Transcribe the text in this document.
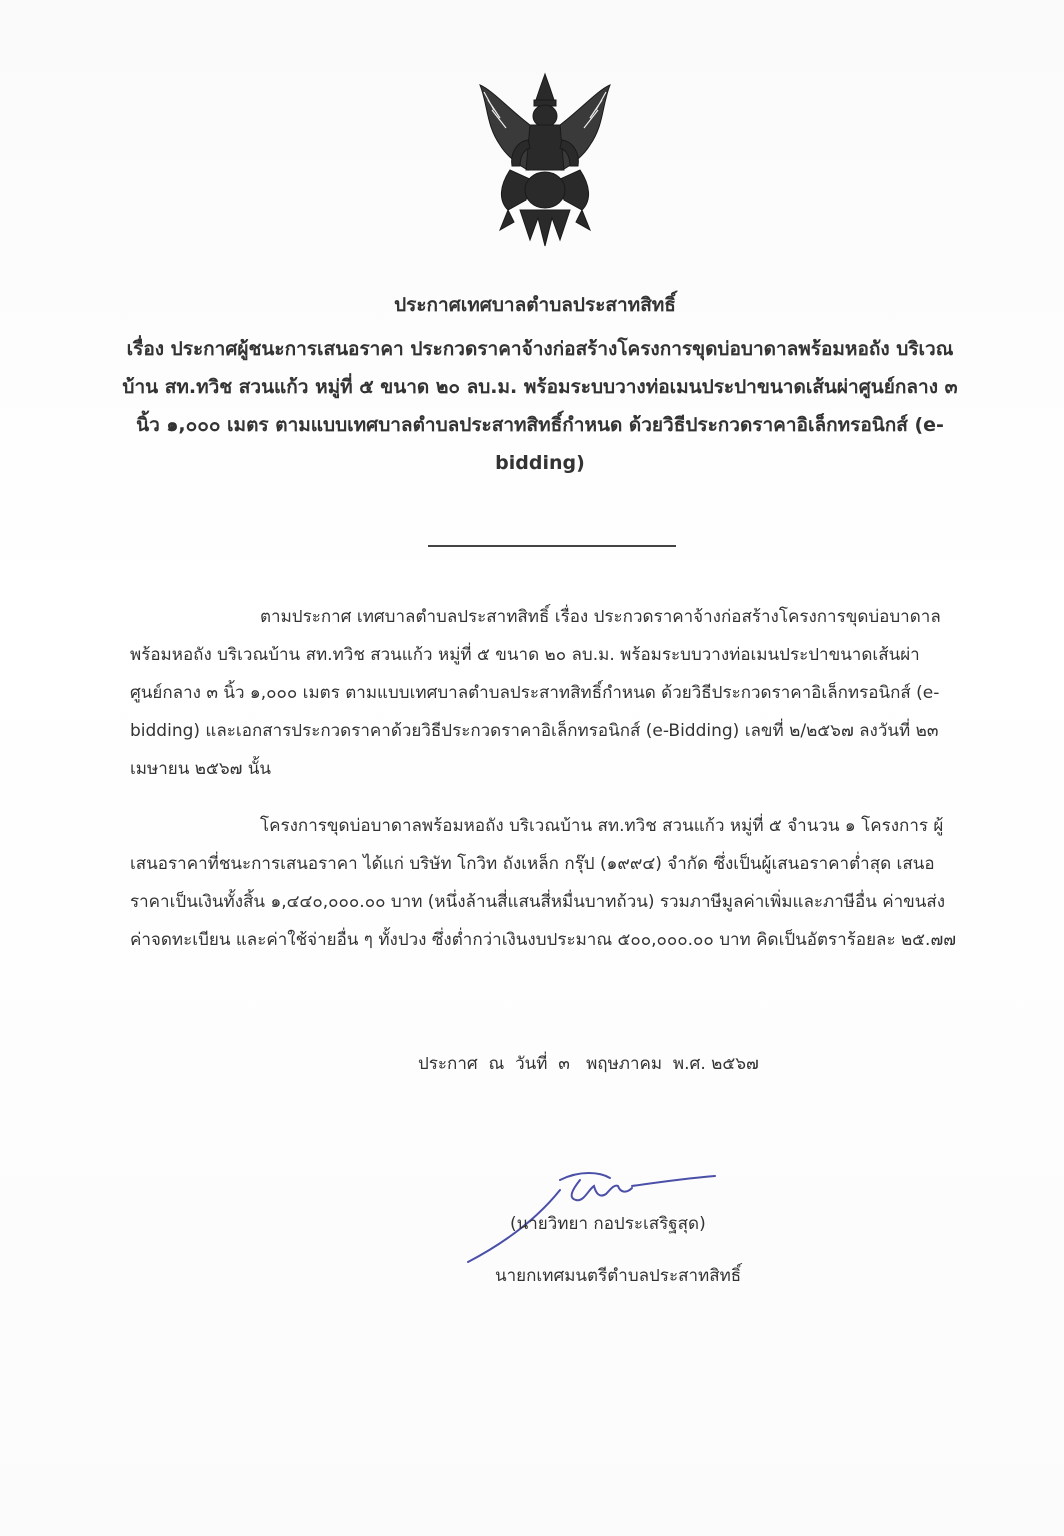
ประกาศเทศบาลตำบลประสาทสิทธิ์
เรื่อง ประกาศผู้ชนะการเสนอราคา ประกวดราคาจ้างก่อสร้างโครงการขุดบ่อบาดาลพร้อมหอถัง บริเวณ บ้าน สท.ทวิช สวนแก้ว หมู่ที่ ๕ ขนาด ๒๐ ลบ.ม. พร้อมระบบวางท่อเมนประปาขนาดเส้นผ่าศูนย์กลาง ๓ นิ้ว ๑,๐๐๐ เมตร ตามแบบเทศบาลตำบลประสาทสิทธิ์กำหนด ด้วยวิธีประกวดราคาอิเล็กทรอนิกส์ (e-bidding)
ตามประกาศ เทศบาลตำบลประสาทสิทธิ์ เรื่อง ประกวดราคาจ้างก่อสร้างโครงการขุดบ่อบาดาลพร้อมหอถัง บริเวณบ้าน สท.ทวิช สวนแก้ว หมู่ที่ ๕ ขนาด ๒๐ ลบ.ม. พร้อมระบบวางท่อเมนประปาขนาดเส้นผ่าศูนย์กลาง ๓ นิ้ว ๑,๐๐๐ เมตร ตามแบบเทศบาลตำบลประสาทสิทธิ์กำหนด ด้วยวิธีประกวดราคาอิเล็กทรอนิกส์ (e-bidding) และเอกสารประกวดราคาด้วยวิธีประกวดราคาอิเล็กทรอนิกส์ (e-Bidding) เลขที่ ๒/๒๕๖๗ ลงวันที่ ๒๓ เมษายน ๒๕๖๗ นั้น
โครงการขุดบ่อบาดาลพร้อมหอถัง บริเวณบ้าน สท.ทวิช สวนแก้ว หมู่ที่ ๕ จำนวน ๑ โครงการ ผู้เสนอราคาที่ชนะการเสนอราคา ได้แก่ บริษัท โกวิท ถังเหล็ก กรุ๊ป (๑๙๙๔) จำกัด ซึ่งเป็นผู้เสนอราคาต่ำสุด เสนอราคาเป็นเงินทั้งสิ้น ๑,๔๔๐,๐๐๐.๐๐ บาท (หนึ่งล้านสี่แสนสี่หมื่นบาทถ้วน) รวมภาษีมูลค่าเพิ่มและภาษีอื่น ค่าขนส่ง ค่าจดทะเบียน และค่าใช้จ่ายอื่น ๆ ทั้งปวง ซึ่งต่ำกว่าเงินงบประมาณ ๕๐๐,๐๐๐.๐๐ บาท คิดเป็นอัตราร้อยละ ๒๕.๗๗
ประกาศ  ณ  วันที่  ๓   พฤษภาคม  พ.ศ. ๒๕๖๗
(นายวิทยา กอประเสริฐสุด)
นายกเทศมนตรีตำบลประสาทสิทธิ์
